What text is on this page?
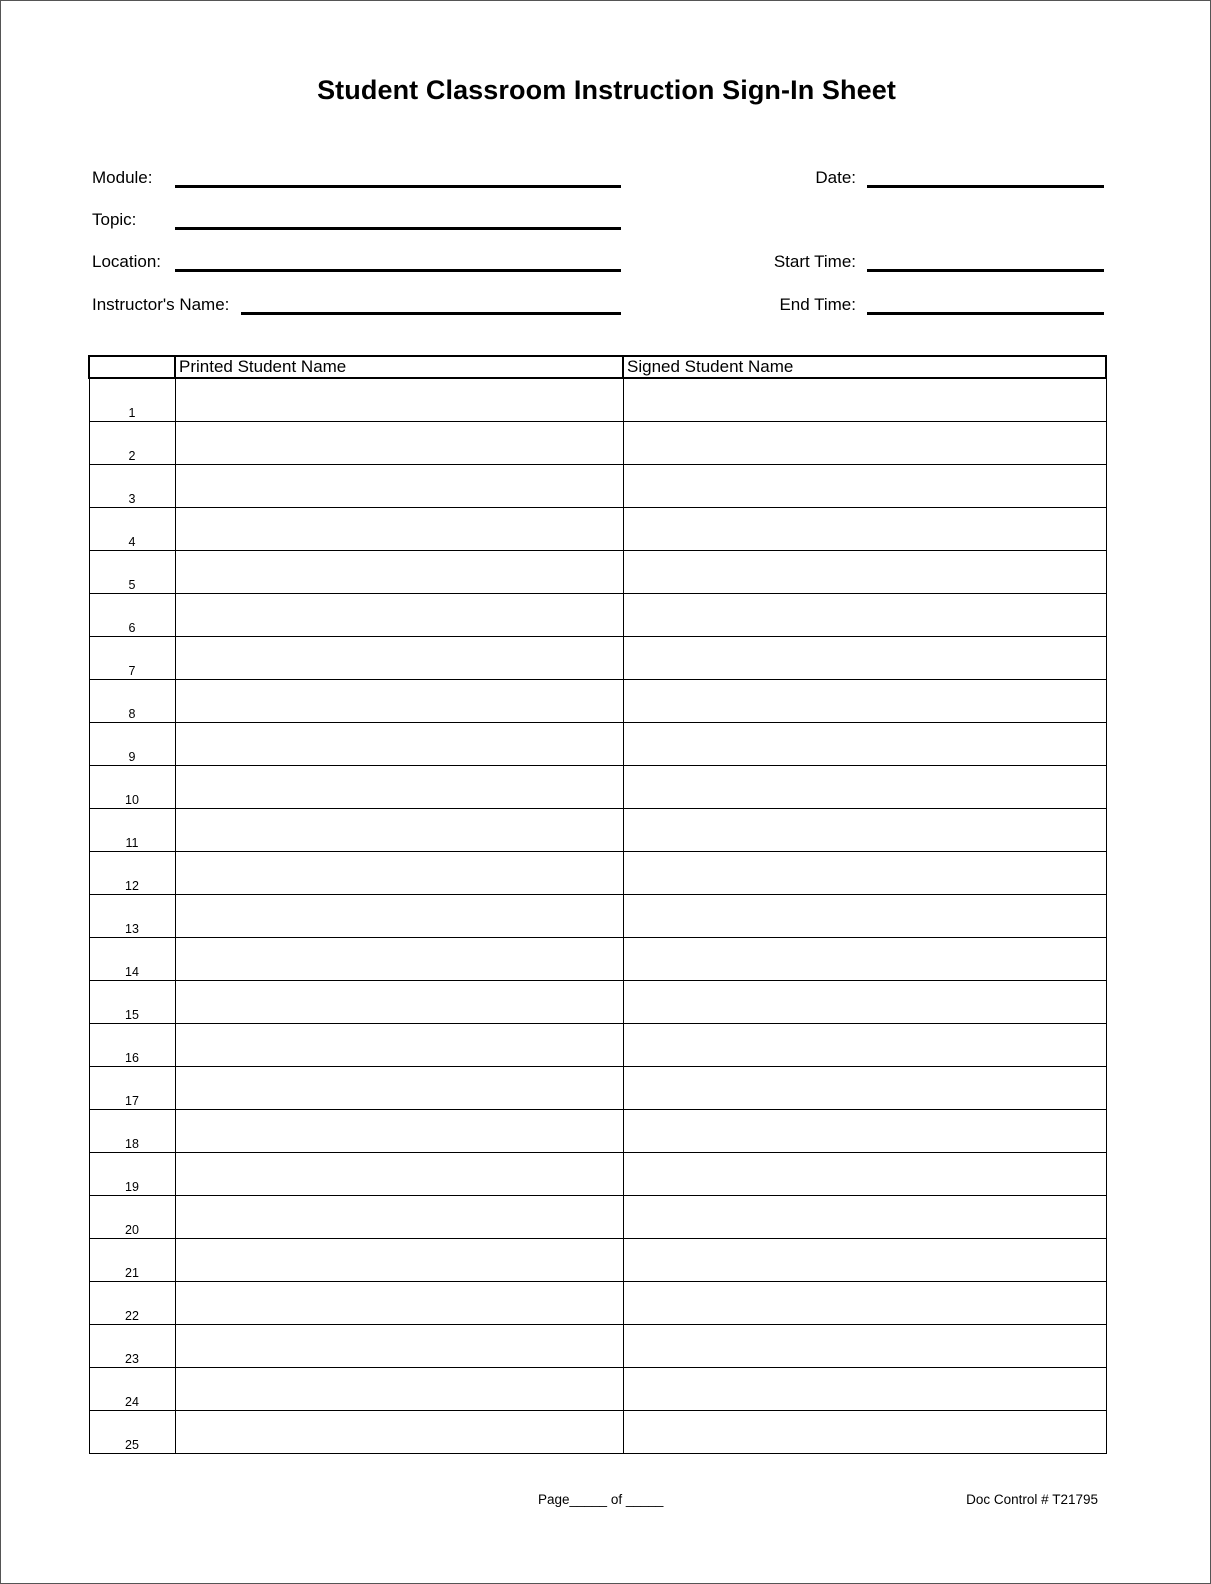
Student Classroom Instruction Sign-In Sheet
Module:
Topic:
Location:
Instructor's Name:
Date:
Start Time:
End Time:
	Printed Student Name	Signed Student Name
1		
2		
3		
4		
5		
6		
7		
8		
9		
10		
11		
12		
13		
14		
15		
16		
17		
18		
19		
20		
21		
22		
23		
24		
25		
Page_____ of _____	Doc Control # T21795
